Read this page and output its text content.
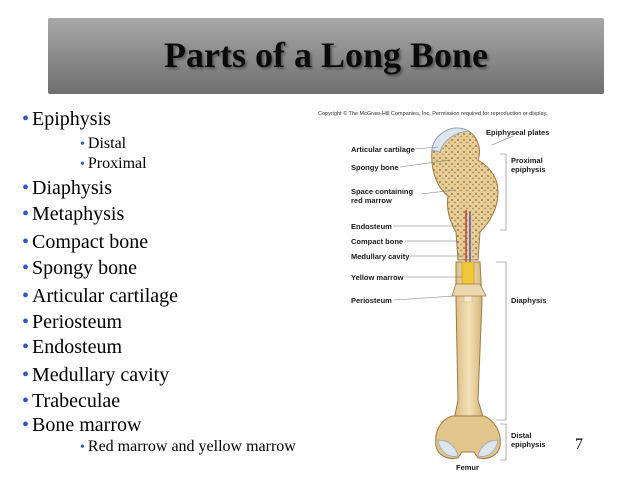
Parts of a Long Bone
• Epiphysis
• Distal
• Proximal
• Diaphysis
• Metaphysis
• Compact bone
• Spongy bone
• Articular cartilage
• Periosteum
• Endosteum
• Medullary cavity
• Trabeculae
• Bone marrow
• Red marrow and yellow marrow
Copyright © The McGraw-Hill Companies, Inc. Permission required for reproduction or display.
Epiphyseal plates
Articular cartilage
Spongy bone
Proximal
epiphysis
Space containing
red marrow
Endosteum
Compact bone
Medullary cavity
Yellow marrow
Periosteum	Diaphysis
Distal
epiphysis
Femur
7
